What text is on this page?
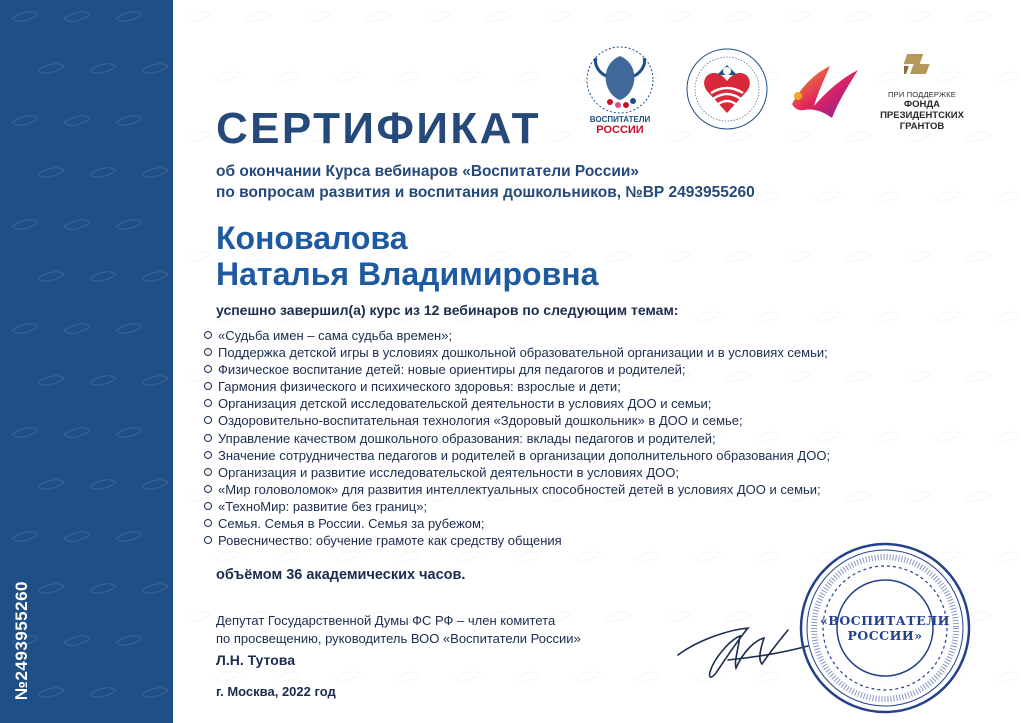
№2493955260
ВОСПИТАТЕЛИ
РОССИИ
ПРИ ПОДДЕРЖКЕ
ФОНДА
ПРЕЗИДЕНТСКИХ
ГРАНТОВ
СЕРТИФИКАТ
об окончании Курса вебинаров «Воспитатели России»
по вопросам развития и воспитания дошкольников, №ВР 2493955260
Коновалова
Наталья Владимировна
успешно завершил(а) курс из 12 вебинаров по следующим темам:
«Судьба имен – сама судьба времен»;
Поддержка детской игры в условиях дошкольной образовательной организации и в условиях семьи;
Физическое воспитание детей: новые ориентиры для педагогов и родителей;
Гармония физического и психического здоровья: взрослые и дети;
Организация детской исследовательской деятельности в условиях ДОО и семьи;
Оздоровительно-воспитательная технология «Здоровый дошкольник» в ДОО и семье;
Управление качеством дошкольного образования: вклады педагогов и родителей;
Значение сотрудничества педагогов и родителей в организации дополнительного образования ДОО;
Организация и развитие исследовательской деятельности в условиях ДОО;
«Мир головоломок» для развития интеллектуальных способностей детей в условиях ДОО и семьи;
«ТехноМир: развитие без границ»;
Семья. Семья в России. Семья за рубежом;
Ровесничество: обучение грамоте как средству общения
объёмом 36 академических часов.
Депутат Государственной Думы ФС РФ – член комитета
по просвещению, руководитель ВОО «Воспитатели России»
Л.Н. Тутова
г. Москва, 2022 год
«ВОСПИТАТЕЛИ
РОССИИ»
